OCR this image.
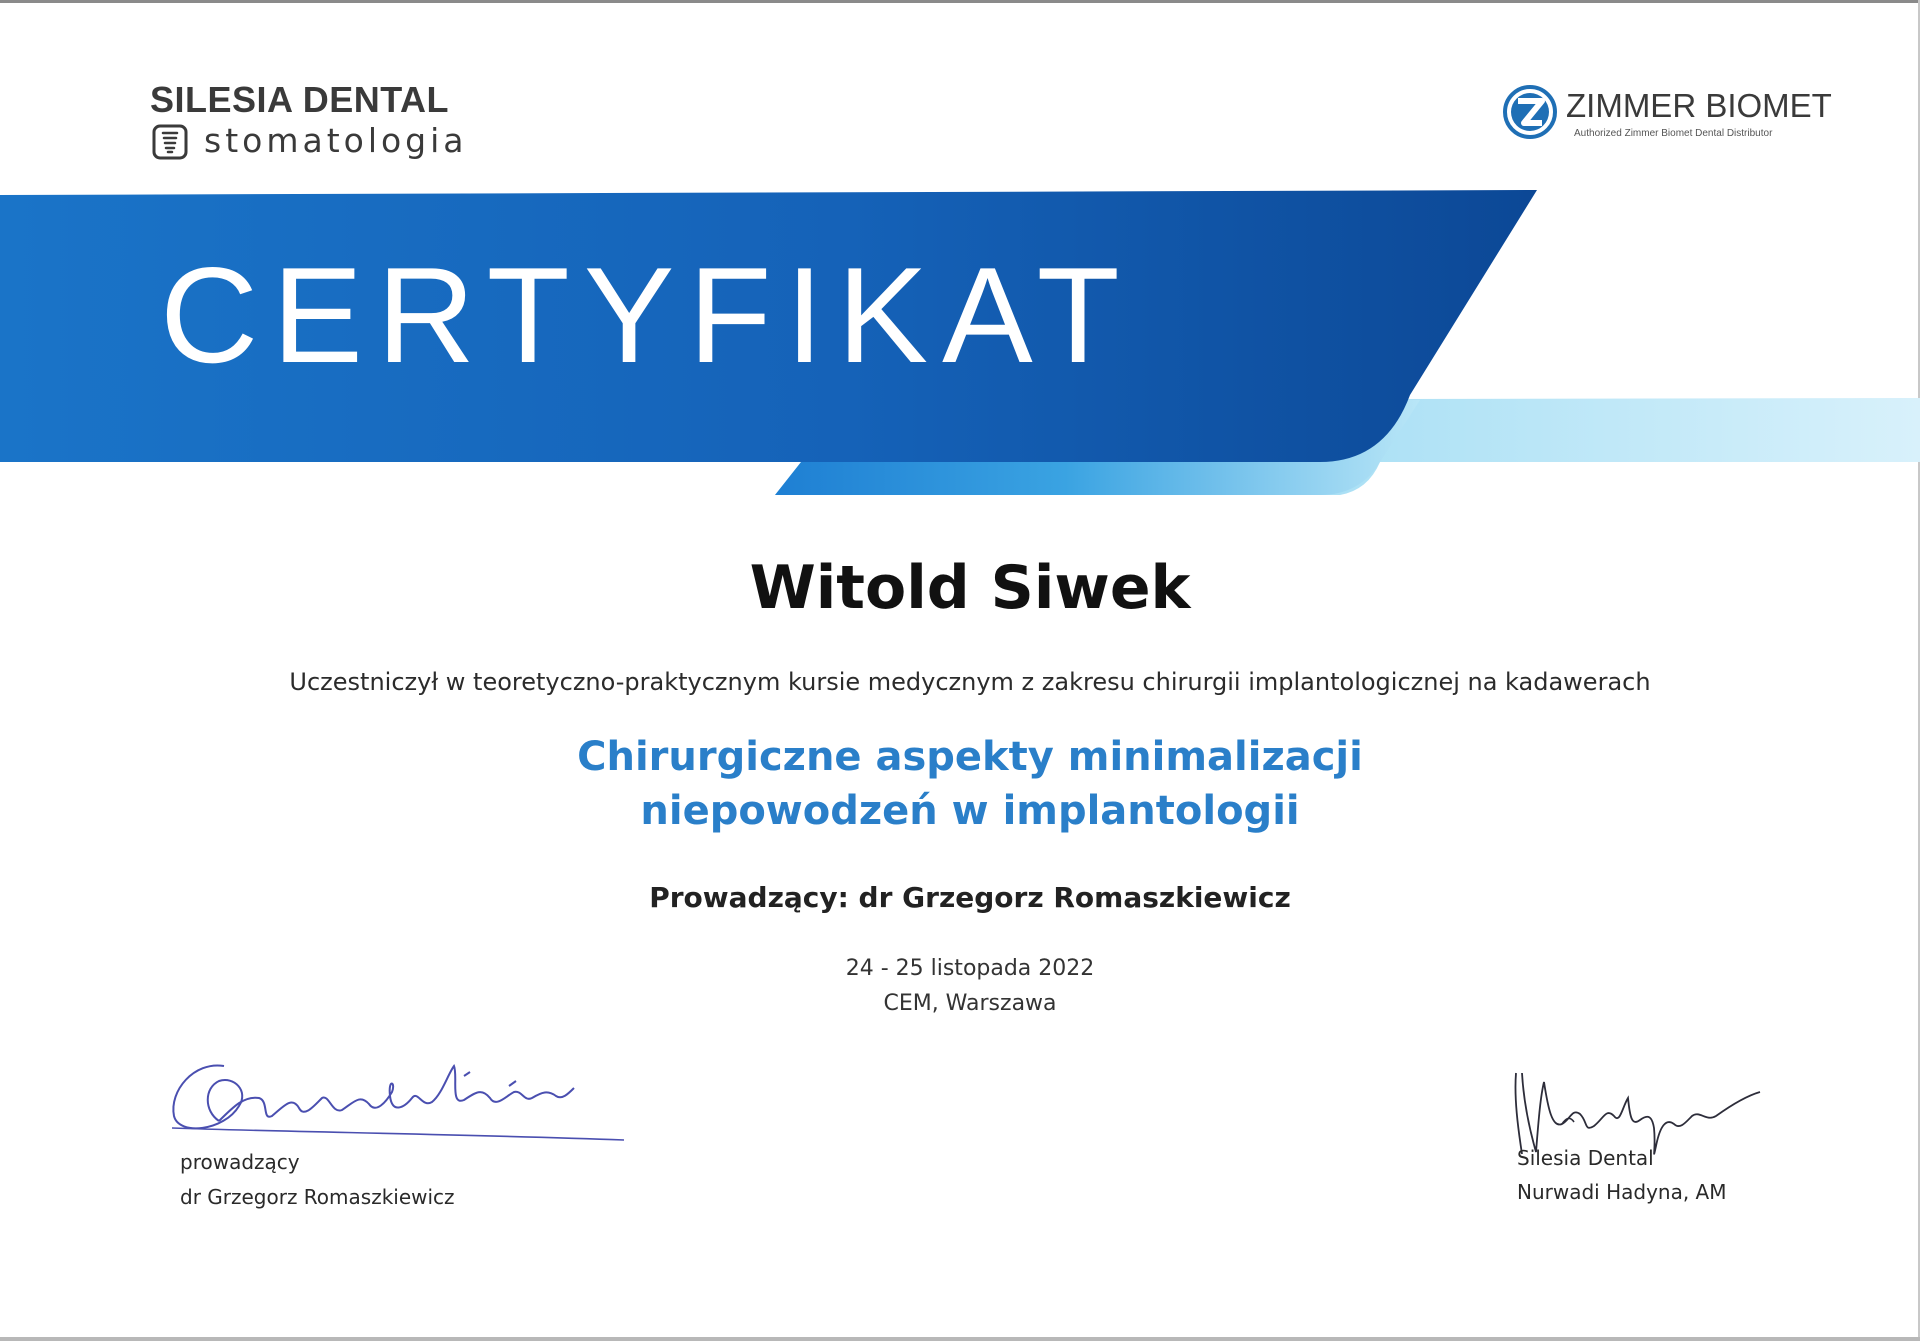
SILESIA DENTAL
stomatologia
ZIMMER BIOMET
Authorized Zimmer Biomet Dental Distributor
CERTYFIKAT
Witold Siwek
Uczestniczył w teoretyczno-praktycznym kursie medycznym z zakresu chirurgii implantologicznej na kadawerach
Chirurgiczne aspekty minimalizacji
niepowodzeń w implantologii
Prowadzący: dr Grzegorz Romaszkiewicz
24 - 25 listopada 2022
CEM, Warszawa
prowadzący
dr Grzegorz Romaszkiewicz
Silesia Dental
Nurwadi Hadyna, AM
